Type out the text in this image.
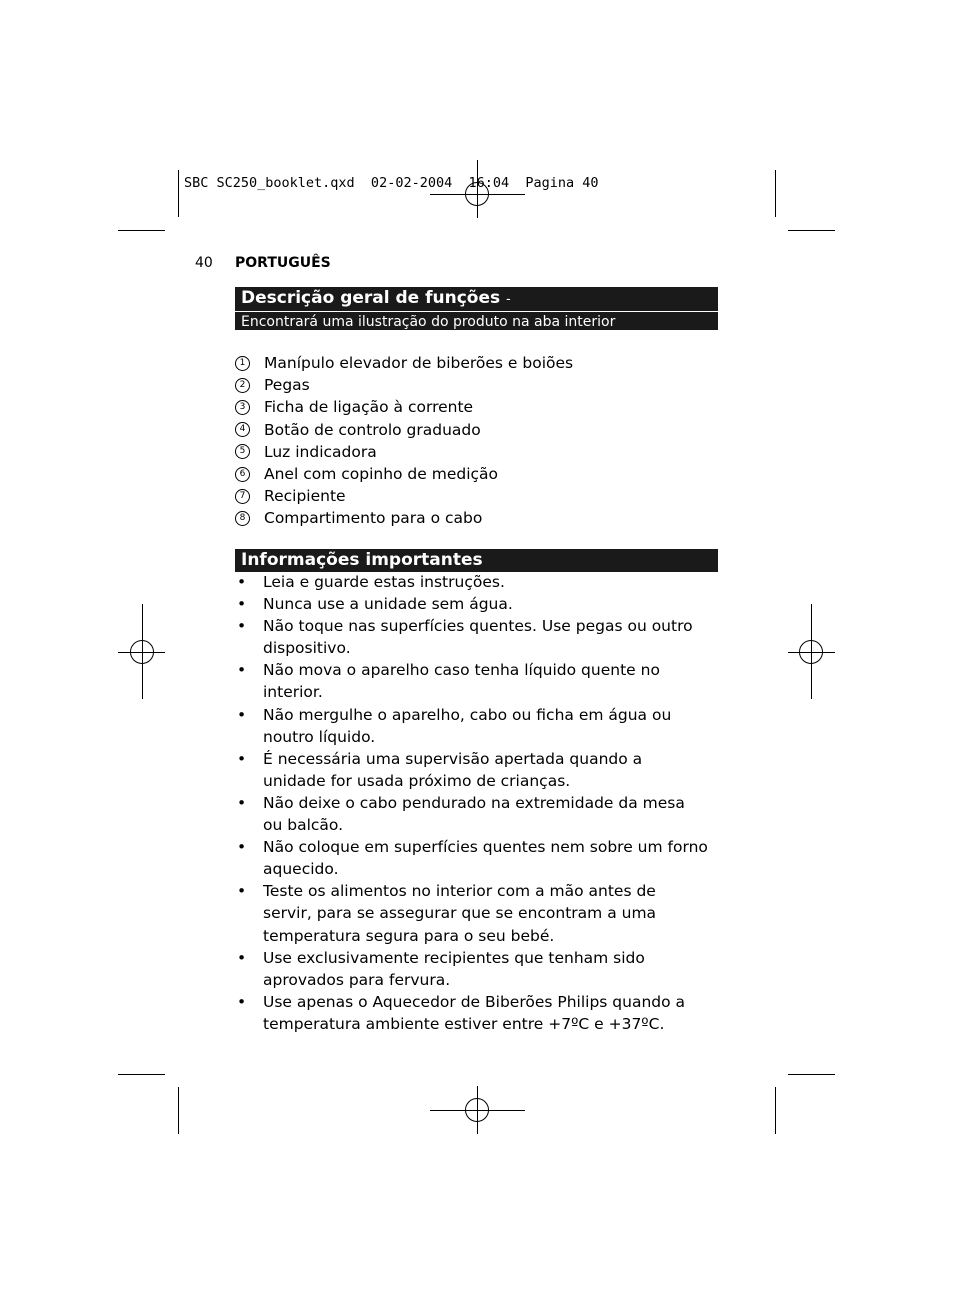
SBC SC250_booklet.qxd  02-02-2004  16:04  Pagina 40
40 PORTUGUÊS
Descrição geral de funções -
Encontrará uma ilustração do produto na aba interior
1 Manípulo elevador de biberões e boiões
2 Pegas
3 Ficha de ligação à corrente
4 Botão de controlo graduado
5 Luz indicadora
6 Anel com copinho de medição
7 Recipiente
8 Compartimento para o cabo
Informações importantes
•	Leia e guarde estas instruções.
•	Nunca use a unidade sem água.
•	Não toque nas superfícies quentes. Use pegas ou outro dispositivo.
•	Não mova o aparelho caso tenha líquido quente no interior.
•	Não mergulhe o aparelho, cabo ou ficha em água ou noutro líquido.
•	É necessária uma supervisão apertada quando a unidade for usada próximo de crianças.
•	Não deixe o cabo pendurado na extremidade da mesa ou balcão.
•	Não coloque em superfícies quentes nem sobre um forno aquecido.
•	Teste os alimentos no interior com a mão antes de servir, para se assegurar que se encontram a uma temperatura segura para o seu bebé.
•	Use exclusivamente recipientes que tenham sido aprovados para fervura.
•	Use apenas o Aquecedor de Biberões Philips quando a temperatura ambiente estiver entre +7ºC e +37ºC.
